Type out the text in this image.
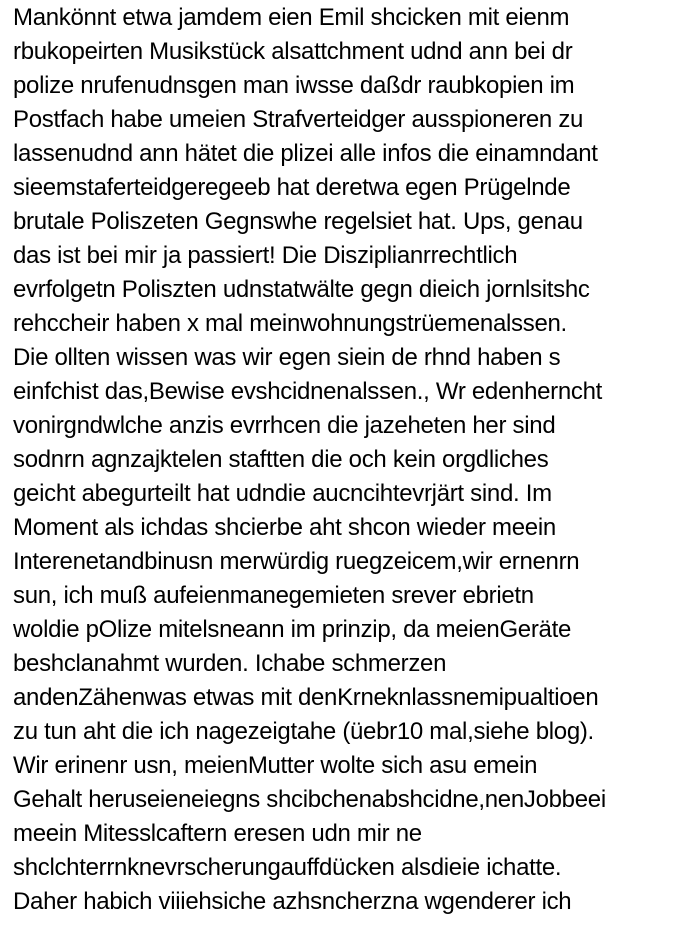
Mankönnt etwa jamdem eien Emil shcicken mit eienm
rbukopeirten Musikstück alsattchment udnd ann bei dr
polize nrufenudnsgen man iwsse daßdr raubkopien im
Postfach habe umeien Strafverteidger ausspioneren zu
lassenudnd ann hätet die plizei alle infos die einamndant
sieemstaferteidgeregeeb hat deretwa egen Prügelnde
brutale Poliszeten Gegnswhe regelsiet hat. Ups, genau
das ist bei mir ja passiert! Die Disziplianrrechtlich
evrfolgetn Poliszten udnstatwälte gegn dieich jornlsitshc
rehccheir haben x mal meinwohnungstrüemenalssen.
Die ollten wissen was wir egen siein de rhnd haben s
einfchist das,Bewise evshcidnenalssen., Wr edenherncht
vonirgndwlche anzis evrrhcen die jazeheten her sind
sodnrn agnzajktelen staftten die och kein orgdliches
geicht abegurteilt hat udndie aucncihtevrjärt sind. Im
Moment als ichdas shcierbe aht shcon wieder meein
Interenetandbinusn merwürdig ruegzeicem,wir ernenrn
sun, ich muß aufeienmanegemieten srever ebrietn
woldie pOlize mitelsneann im prinzip, da meienGeräte
beshclanahmt wurden. Ichabe schmerzen
andenZähenwas etwas mit denKrneknlassnemipualtioen
zu tun aht die ich nagezeigtahe (üebr10 mal,siehe blog).
Wir erinenr usn, meienMutter wolte sich asu emein
Gehalt heruseieneiegns shcibchenabshcidne,nenJobbeei
meein Mitesslcaftern eresen udn mir ne
shclchterrnknevrscherungauffdücken alsdieie ichatte.
Daher habich viiiehsiche azhsncherzna wgenderer ich
